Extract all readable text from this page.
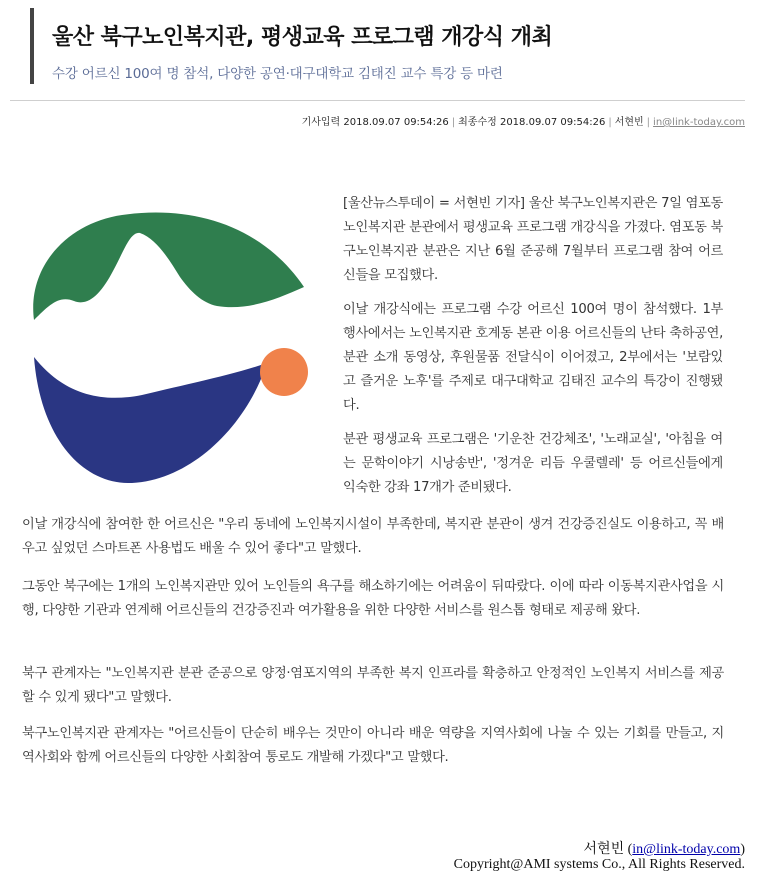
울산 북구노인복지관, 평생교육 프로그램 개강식 개최

수강 어르신 100여 명 참석, 다양한 공연·대구대학교 김태진 교수 특강 등 마련

기사입력 2018.09.07 09:54:26 | 최종수정 2018.09.07 09:54:26 | 서현빈 | in@link-today.com

[울산뉴스투데이 = 서현빈 기자] 울산 북구노인복지관은 7일 염포동 노인복지관 분관에서 평생교육 프로그램 개강식을 가졌다. 염포동 북구노인복지관 분관은 지난 6월 준공해 7월부터 프로그램 참여 어르신들을 모집했다.

이날 개강식에는 프로그램 수강 어르신 100여 명이 참석했다. 1부 행사에서는 노인복지관 호계동 본관 이용 어르신들의 난타 축하공연, 분관 소개 동영상, 후원물품 전달식이 이어졌고, 2부에서는 '보람있고 즐거운 노후'를 주제로 대구대학교 김태진 교수의 특강이 진행됐다.

분관 평생교육 프로그램은 '기운찬 건강체조', '노래교실', '아침을 여는 문학이야기 시낭송반', '정겨운 리듬 우쿨렐레' 등 어르신들에게 익숙한 강좌 17개가 준비됐다.

이날 개강식에 참여한 한 어르신은 "우리 동네에 노인복지시설이 부족한데, 복지관 분관이 생겨 건강증진실도 이용하고, 꼭 배우고 싶었던 스마트폰 사용법도 배울 수 있어 좋다"고 말했다.

그동안 북구에는 1개의 노인복지관만 있어 노인들의 욕구를 해소하기에는 어려움이 뒤따랐다. 이에 따라 이동복지관사업을 시행, 다양한 기관과 연계해 어르신들의 건강증진과 여가활용을 위한 다양한 서비스를 원스톱 형태로 제공해 왔다.

북구 관계자는 "노인복지관 분관 준공으로 양정·염포지역의 부족한 복지 인프라를 확충하고 안정적인 노인복지 서비스를 제공할 수 있게 됐다"고 말했다.

북구노인복지관 관계자는 "어르신들이 단순히 배우는 것만이 아니라 배운 역량을 지역사회에 나눌 수 있는 기회를 만들고, 지역사회와 함께 어르신들의 다양한 사회참여 통로도 개발해 가겠다"고 말했다.

서현빈 (in@link-today.com)
Copyright@AMI systems Co., All Rights Reserved.
